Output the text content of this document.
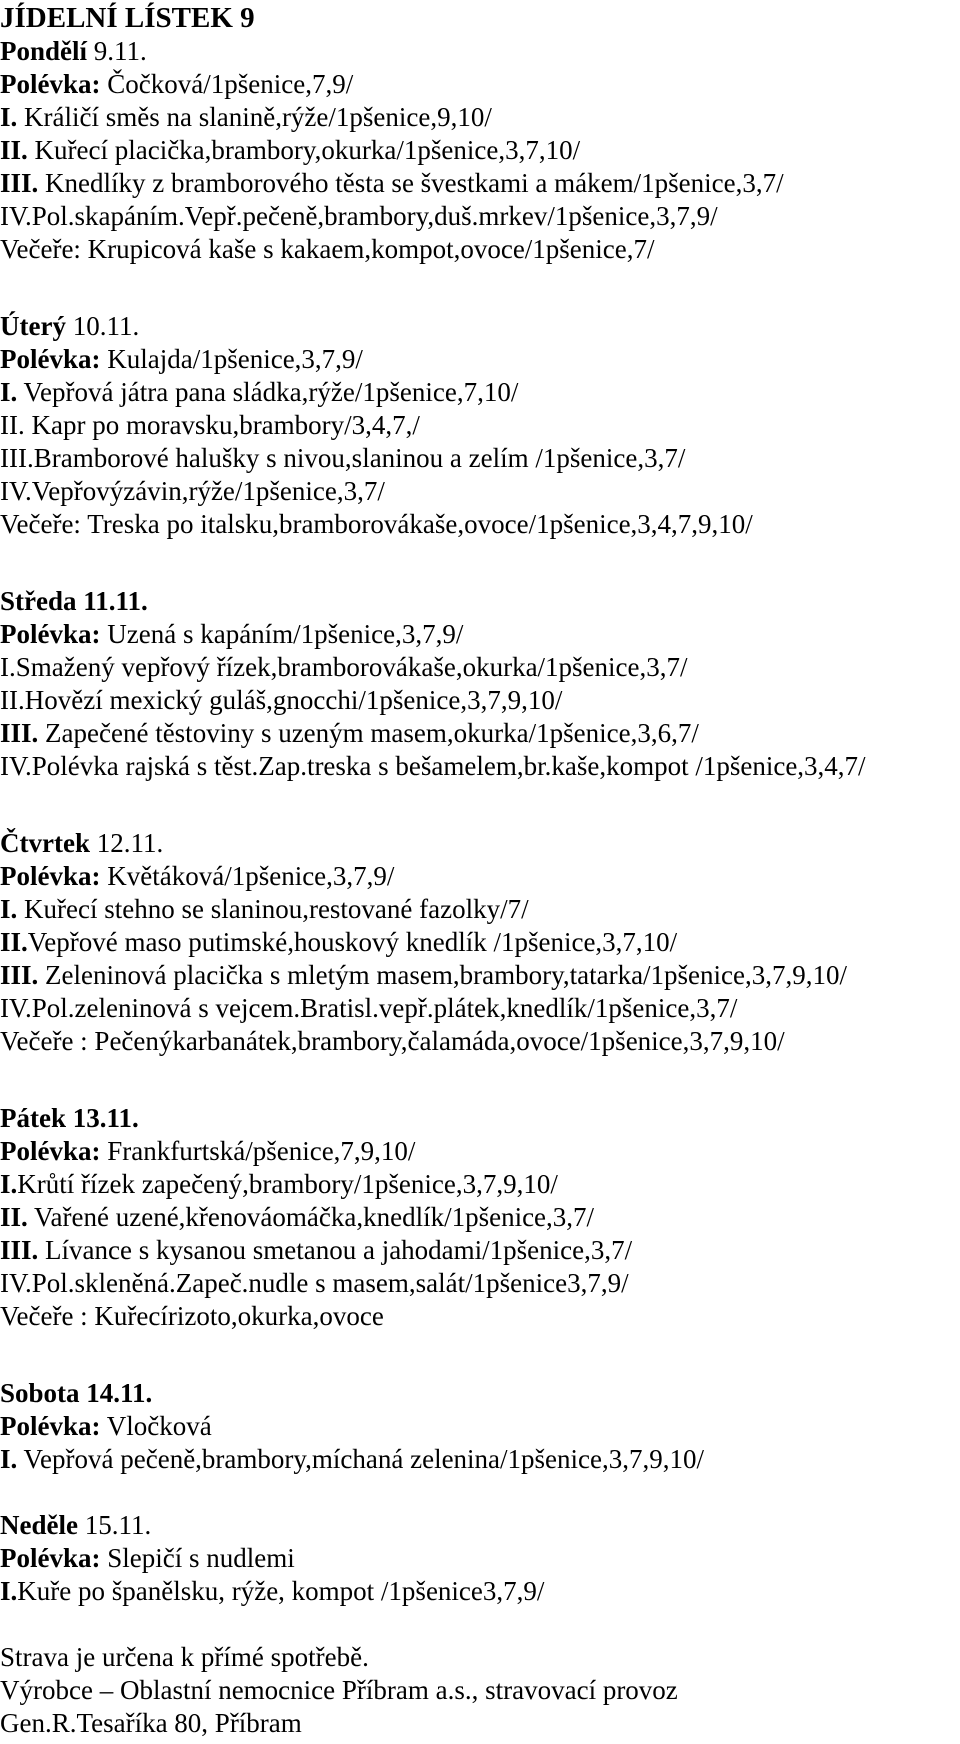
JÍDELNÍ LÍSTEK 9
Pondělí 9.11.
Polévka: Čočková/1pšenice,7,9/
I. Králičí směs na slanině,rýže/1pšenice,9,10/
II. Kuřecí placička,brambory,okurka/1pšenice,3,7,10/
III. Knedlíky z bramborového těsta se švestkami a mákem/1pšenice,3,7/
IV.Pol.skapáním.Vepř.pečeně,brambory,duš.mrkev/1pšenice,3,7,9/
Večeře: Krupicová kaše s kakaem,kompot,ovoce/1pšenice,7/
Úterý 10.11.
Polévka: Kulajda/1pšenice,3,7,9/
I. Vepřová játra pana sládka,rýže/1pšenice,7,10/
II. Kapr po moravsku,brambory/3,4,7,/
III.Bramborové halušky s nivou,slaninou a zelím /1pšenice,3,7/
IV.Vepřovýzávin,rýže/1pšenice,3,7/
Večeře: Treska po italsku,bramborovákaše,ovoce/1pšenice,3,4,7,9,10/
Středa 11.11.
Polévka: Uzená s kapáním/1pšenice,3,7,9/
I.Smažený vepřový řízek,bramborovákaše,okurka/1pšenice,3,7/
II.Hovězí mexický guláš,gnocchi/1pšenice,3,7,9,10/
III. Zapečené těstoviny s uzeným masem,okurka/1pšenice,3,6,7/
IV.Polévka rajská s těst.Zap.treska s bešamelem,br.kaše,kompot /1pšenice,3,4,7/
Čtvrtek 12.11.
Polévka: Květáková/1pšenice,3,7,9/
I. Kuřecí stehno se slaninou,restované fazolky/7/
II.Vepřové maso putimské,houskový knedlík /1pšenice,3,7,10/
III. Zeleninová placička s mletým masem,brambory,tatarka/1pšenice,3,7,9,10/
IV.Pol.zeleninová s vejcem.Bratisl.vepř.plátek,knedlík/1pšenice,3,7/
Večeře : Pečenýkarbanátek,brambory,čalamáda,ovoce/1pšenice,3,7,9,10/
Pátek 13.11.
Polévka: Frankfurtská/pšenice,7,9,10/
I.Krůtí řízek zapečený,brambory/1pšenice,3,7,9,10/
II. Vařené uzené,křenováomáčka,knedlík/1pšenice,3,7/
III. Lívance s kysanou smetanou a jahodami/1pšenice,3,7/
IV.Pol.skleněná.Zapeč.nudle s masem,salát/1pšenice3,7,9/
Večeře : Kuřecírizoto,okurka,ovoce
Sobota 14.11.
Polévka: Vločková
I. Vepřová pečeně,brambory,míchaná zelenina/1pšenice,3,7,9,10/
Neděle 15.11.
Polévka: Slepičí s nudlemi
I.Kuře po španělsku, rýže, kompot /1pšenice3,7,9/
Strava je určena k přímé spotřebě.
Výrobce – Oblastní nemocnice Příbram a.s., stravovací provoz
Gen.R.Tesaříka 80, Příbram
